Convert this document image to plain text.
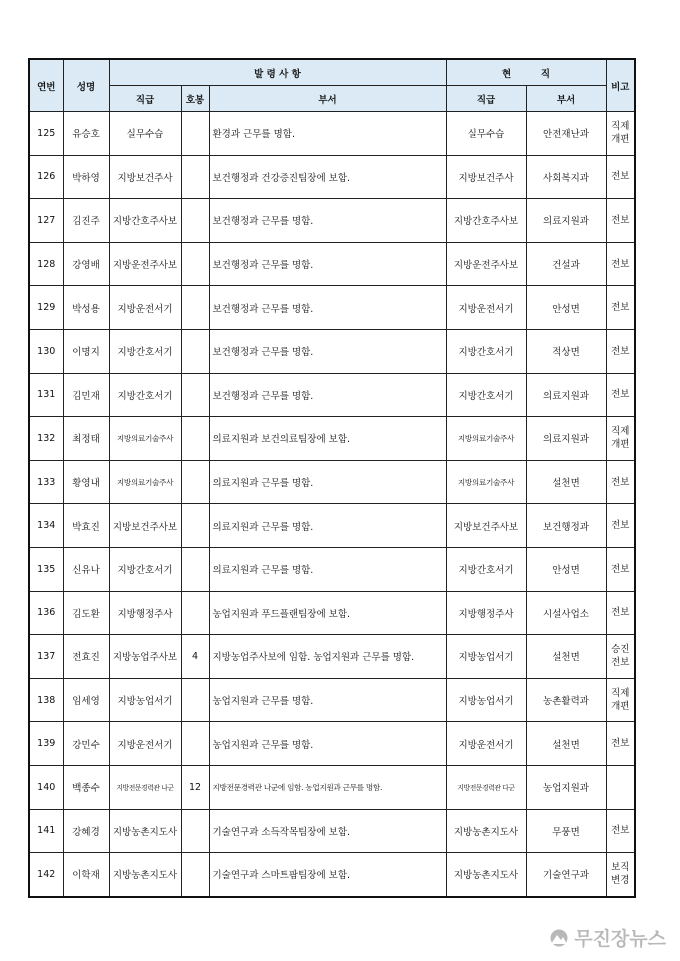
연번	성명	발 령 사 항			현         직		비고
		직급	호봉	부서	직급	부서	
125	유승호	실무수습		환경과 근무를 명함.	실무수습	안전재난과	직제
개편

126	박하영	지방보건주사		보건행정과 건강증진팀장에 보함.	지방보건주사	사회복지과	전보

127	김진주	지방간호주사보		보건행정과 근무를 명함.	지방간호주사보	의료지원과	전보

128	강영배	지방운전주사보		보건행정과 근무를 명함.	지방운전주사보	건설과	전보

129	박성용	지방운전서기		보건행정과 근무를 명함.	지방운전서기	안성면	전보

130	이명지	지방간호서기		보건행정과 근무를 명함.	지방간호서기	적상면	전보

131	김민재	지방간호서기		보건행정과 근무를 명함.	지방간호서기	의료지원과	전보

132	최정태	지방의료기술주사		의료지원과 보건의료팀장에 보함.	지방의료기술주사	의료지원과	직제
개편

133	황영내	지방의료기술주사		의료지원과 근무를 명함.	지방의료기술주사	설천면	전보

134	박효진	지방보건주사보		의료지원과 근무를 명함.	지방보건주사보	보건행정과	전보

135	신유나	지방간호서기		의료지원과 근무를 명함.	지방간호서기	안성면	전보

136	김도환	지방행정주사		농업지원과 푸드플랜팀장에 보함.	지방행정주사	시설사업소	전보

137	전효진	지방농업주사보	4	지방농업주사보에 임함. 농업지원과 근무를 명함.	지방농업서기	설천면	승진
전보

138	임세영	지방농업서기		농업지원과 근무를 명함.	지방농업서기	농촌활력과	직제
개편

139	강민수	지방운전서기		농업지원과 근무를 명함.	지방운전서기	설천면	전보

140	백종수	지방전문경력관 나군	12	지방전문경력관 나군에 임함. 농업지원과 근무를 명함.	지방전문경력관 다군	농업지원과	

141	강혜경	지방농촌지도사		기술연구과 소득작목팀장에 보함.	지방농촌지도사	무풍면	전보

142	이학재	지방농촌지도사		기술연구과 스마트팜팀장에 보함.	지방농촌지도사	기술연구과	보직
변경
무진장뉴스
